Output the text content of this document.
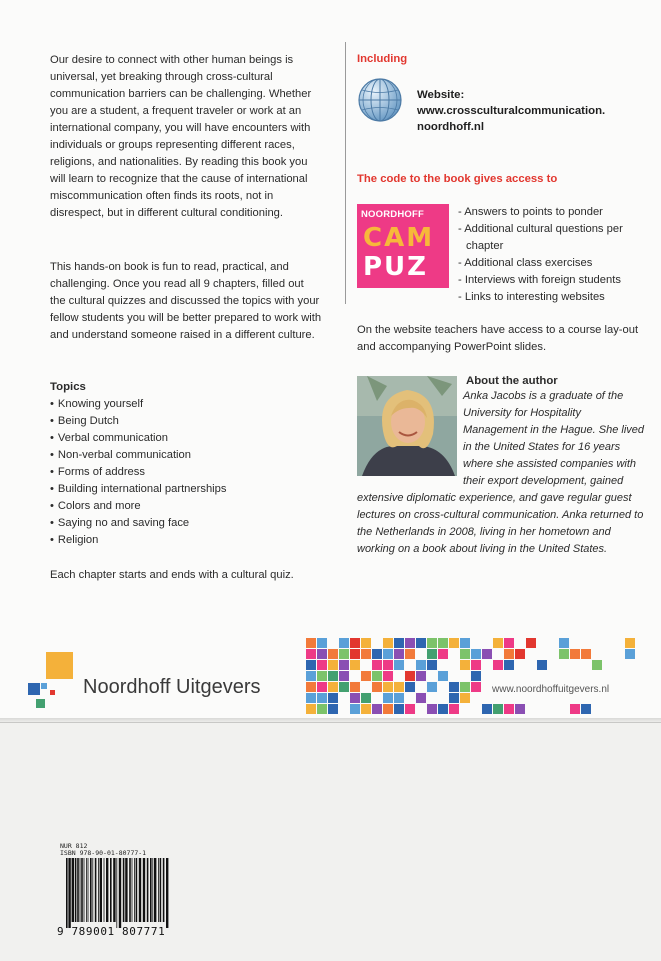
Our desire to connect with other human beings is universal, yet breaking through cross-cultural communication barriers can be challenging. Whether you are a student, a frequent traveler or work at an international company, you will have encounters with individuals or groups representing different races, religions, and nationalities. By reading this book you will learn to recognize that the cause of international miscommunication often finds its roots, not in disrespect, but in different cultural conditioning.

This hands-on book is fun to read, practical, and challenging. Once you read all 9 chapters, filled out the cultural quizzes and discussed the topics with your fellow students you will be better prepared to work with and understand someone raised in a different culture.

Topics
• Knowing yourself
• Being Dutch
• Verbal communication
• Non-verbal communication
• Forms of address
• Building international partnerships
• Colors and more
• Saying no and saving face
• Religion

Each chapter starts and ends with a cultural quiz.

Including
Website:
www.crossculturalcommunication.
noordhoff.nl
The code to the book gives access to
NOORDHOFF
CAM
PUZ
- Answers to points to ponder
- Additional cultural questions per chapter
- Additional class exercises
- Interviews with foreign students
- Links to interesting websites

On the website teachers have access to a course lay-out and accompanying PowerPoint slides.

About the author

Anka Jacobs is a graduate of the University for Hospitality Management in the Hague. She lived in the United States for 16 years where she assisted companies with their export development, gained extensive diplomatic experience, and gave regular guest lectures on cross-cultural communication. Anka returned to the Netherlands in 2008, living in her hometown and working on a book about living in the United States.

Noordhoff Uitgevers	www.noordhoffuitgevers.nl
NUR 812
ISBN 978-90-01-80777-1
9 789001 807771
